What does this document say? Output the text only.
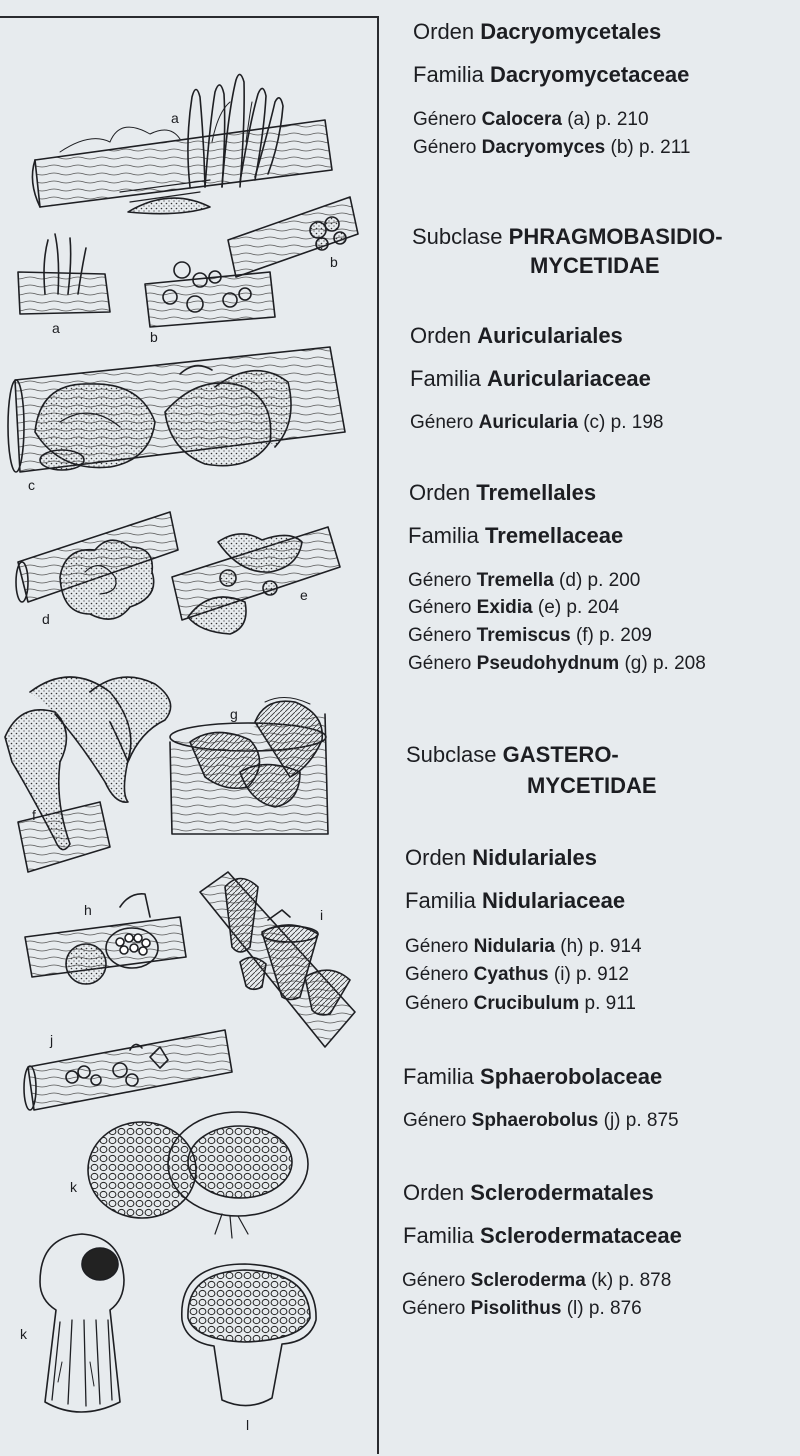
a
a
b
b
c
d
e
f
g
h	i
j
k
k
l
Orden Dacryomycetales
Familia Dacryomycetaceae
Género Calocera (a) p. 210
Género Dacryomyces (b) p. 211
Subclase PHRAGMOBASIDIO-
MYCETIDAE
Orden Auriculariales
Familia Auriculariaceae
Género Auricularia (c) p. 198
Orden Tremellales
Familia Tremellaceae
Género Tremella (d) p. 200
Género Exidia (e) p. 204
Género Tremiscus (f) p. 209
Género Pseudohydnum (g) p. 208
Subclase GASTERO-
MYCETIDAE
Orden Nidulariales
Familia Nidulariaceae
Género Nidularia (h) p. 914
Género Cyathus (i) p. 912
Género Crucibulum p. 911
Familia Sphaerobolaceae
Género Sphaerobolus (j) p. 875
Orden Sclerodermatales
Familia Sclerodermataceae
Género Scleroderma (k) p. 878
Género Pisolithus (l) p. 876
